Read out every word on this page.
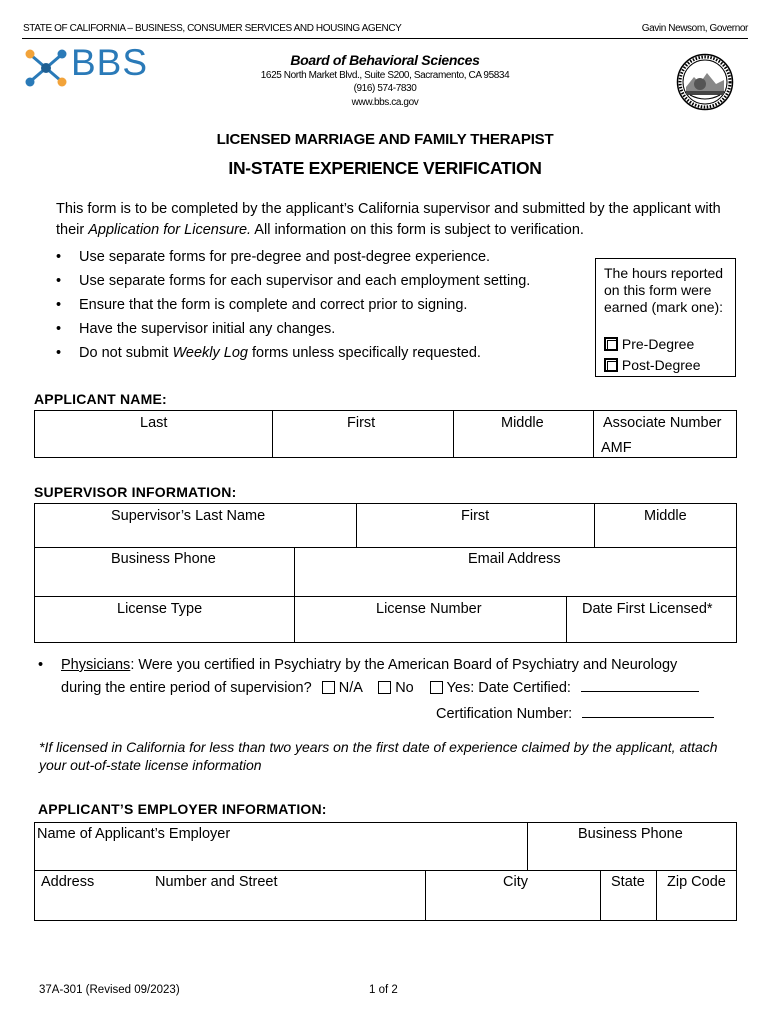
STATE OF CALIFORNIA – BUSINESS, CONSUMER SERVICES AND HOUSING AGENCY	Gavin Newsom, Governor
BBS	Board of Behavioral Sciences
1625 North Market Blvd., Suite S200, Sacramento, CA 95834
(916) 574-7830
www.bbs.ca.gov
LICENSED MARRIAGE AND FAMILY THERAPIST
IN-STATE EXPERIENCE VERIFICATION
This form is to be completed by the applicant’s California supervisor and submitted by the applicant with their Application for Licensure. All information on this form is subject to verification.
Use separate forms for pre-degree and post-degree experience.
Use separate forms for each supervisor and each employment setting.
Ensure that the form is complete and correct prior to signing.
Have the supervisor initial any changes.
Do not submit Weekly Log forms unless specifically requested.
The hours reported on this form were earned (mark one):
Pre-Degree
Post-Degree
APPLICANT NAME:
Last	First	Middle	Associate Number
AMF
SUPERVISOR INFORMATION:
Supervisor’s Last Name	First	Middle
Business Phone	Email Address
License Type	License Number	Date First Licensed*
Physicians: Were you certified in Psychiatry by the American Board of Psychiatry and Neurology
during the entire period of supervision? N/A No Yes: Date Certified:
Certification Number:
*If licensed in California for less than two years on the first date of experience claimed by the applicant, attach your out-of-state license information
APPLICANT’S EMPLOYER INFORMATION:
Name of Applicant’s Employer	Business Phone
Address	Number and Street	City	State Zip Code
37A-301 (Revised 09/2023)	1 of 2
